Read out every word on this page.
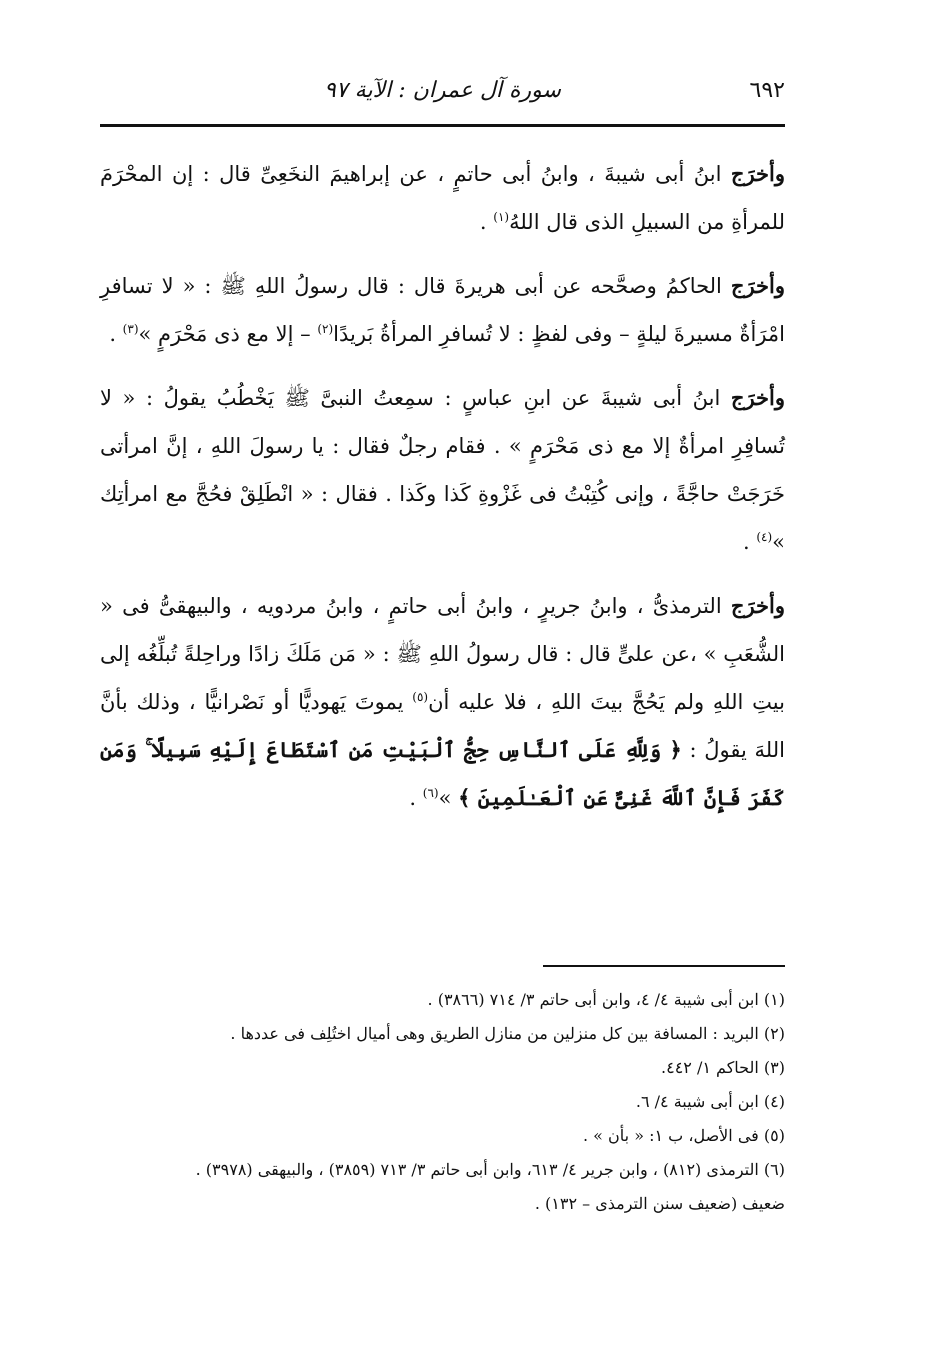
٦٩٢
سورة آل عمران : الآية ٩٧

وأخرَج ابنُ أبى شيبةَ ، وابنُ أبى حاتمٍ ، عن إبراهيمَ النخَعِىِّ قال : إن المحْرَمَ للمرأةِ من السبيلِ الذى قال اللهُ$^{(١)}$ .

وأخرَج الحاكمُ وصحَّحه عن أبى هريرةَ قال : قال رسولُ اللهِ ﷺ : « لا تسافرِ امْرَأةٌ مسيرةَ ليلةٍ – وفى لفظٍ : لا تُسافرِ المرأةُ بَريدًا$^{(٢)}$ – إلا مع ذى مَحْرَمٍ »$^{(٣)}$ .

وأخرَج ابنُ أبى شيبةَ عن ابنِ عباسٍ : سمِعتُ النبىَّ ﷺ يَخْطُبُ يقولُ : « لا تُسافِرِ امرأةٌ إلا مع ذى مَحْرَمٍ » . فقام رجلٌ فقال : يا رسولَ اللهِ ، إنَّ امرأتى خَرَجَتْ حاجَّةً ، وإنى كُتِبْتُ فى غَزْوةِ كَذا وكَذا . فقال : « انْطَلِقْ فحُجَّ مع امرأتِك »$^{(٤)}$ .

وأخرَج الترمذىُّ ، وابنُ جريرٍ ، وابنُ أبى حاتمٍ ، وابنُ مردويه ، والبيهقىُّ فى « الشُّعَبِ » ،عن علىٍّ قال : قال رسولُ اللهِ ﷺ : « مَن مَلَكَ زادًا وراحِلةً تُبلِّغُه إلى بيتِ اللهِ ولم يَحُجَّ بيتَ اللهِ ، فلا عليه أن$^{(٥)}$ يموتَ يَهوديًّا أو نَصْرانيًّا ، وذلك بأنَّ اللهَ يقولُ : ﴿ وَلِلَّهِ عَلَى ٱلنَّاسِ حِجُّ ٱلْبَيْتِ مَنِ ٱسْتَطَاعَ إِلَيْهِ سَبِيلًا ۚ وَمَن كَفَرَ فَإِنَّ ٱللَّهَ غَنِىٌّ عَنِ ٱلْعَـٰلَمِينَ ﴾ »$^{(٦)}$ .

(١) ابن أبى شيبة ٤/ ٤، وابن أبى حاتم ٣/ ٧١٤ (٣٨٦٦) .
(٢) البريد : المسافة بين كل منزلين من منازل الطريق وهى أميال اختُلِف فى عددها .
(٣) الحاكم ١/ ٤٤٢.
(٤) ابن أبى شيبة ٤/ ٦.
(٥) فى الأصل، ب ١: « بأن » .
(٦) الترمذى (٨١٢) ، وابن جرير ٤/ ٦١٣، وابن أبى حاتم ٣/ ٧١٣ (٣٨٥٩) ، والبيهقى (٣٩٧٨) .
ضعيف (ضعيف سنن الترمذى – ١٣٢) .
